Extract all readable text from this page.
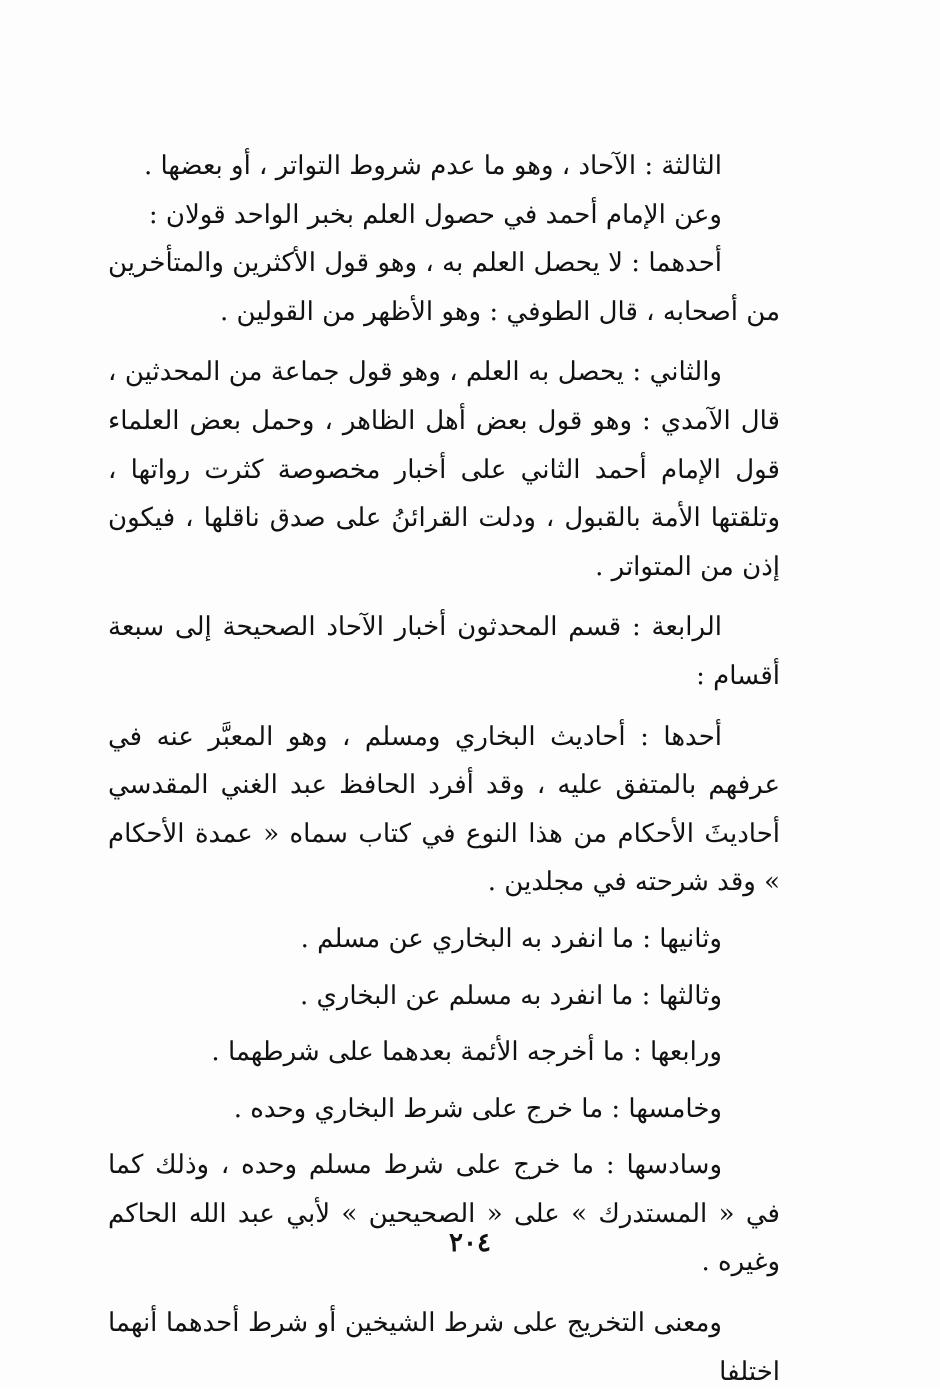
الثالثة : الآحاد ، وهو ما عدم شروط التواتر ، أو بعضها .

وعن الإمام أحمد في حصول العلم بخبر الواحد قولان :

أحدهما : لا يحصل العلم به ، وهو قول الأكثرين والمتأخرين من أصحابه ، قال الطوفي : وهو الأظهر من القولين .

والثاني : يحصل به العلم ، وهو قول جماعة من المحدثين ، قال الآمدي : وهو قول بعض أهل الظاهر ، وحمل بعض العلماء قول الإمام أحمد الثاني على أخبار مخصوصة كثرت رواتها ، وتلقتها الأمة بالقبول ، ودلت القرائنُ على صدق ناقلها ، فيكون إذن من المتواتر .

الرابعة : قسم المحدثون أخبار الآحاد الصحيحة إلى سبعة أقسام :

أحدها : أحاديث البخاري ومسلم ، وهو المعبَّر عنه في عرفهم بالمتفق عليه ، وقد أفرد الحافظ عبد الغني المقدسي أحاديثَ الأحكام من هذا النوع في كتاب سماه « عمدة الأحكام » وقد شرحته في مجلدين .

وثانيها : ما انفرد به البخاري عن مسلم .

وثالثها : ما انفرد به مسلم عن البخاري .

ورابعها : ما أخرجه الأئمة بعدهما على شرطهما .

وخامسها : ما خرج على شرط البخاري وحده .

وسادسها : ما خرج على شرط مسلم وحده ، وذلك كما في « المستدرك » على « الصحيحين » لأبي عبد الله الحاكم وغيره .

ومعنى التخريج على شرط الشيخين أو شرط أحدهما أنهما اختلفا

٢٠٤
